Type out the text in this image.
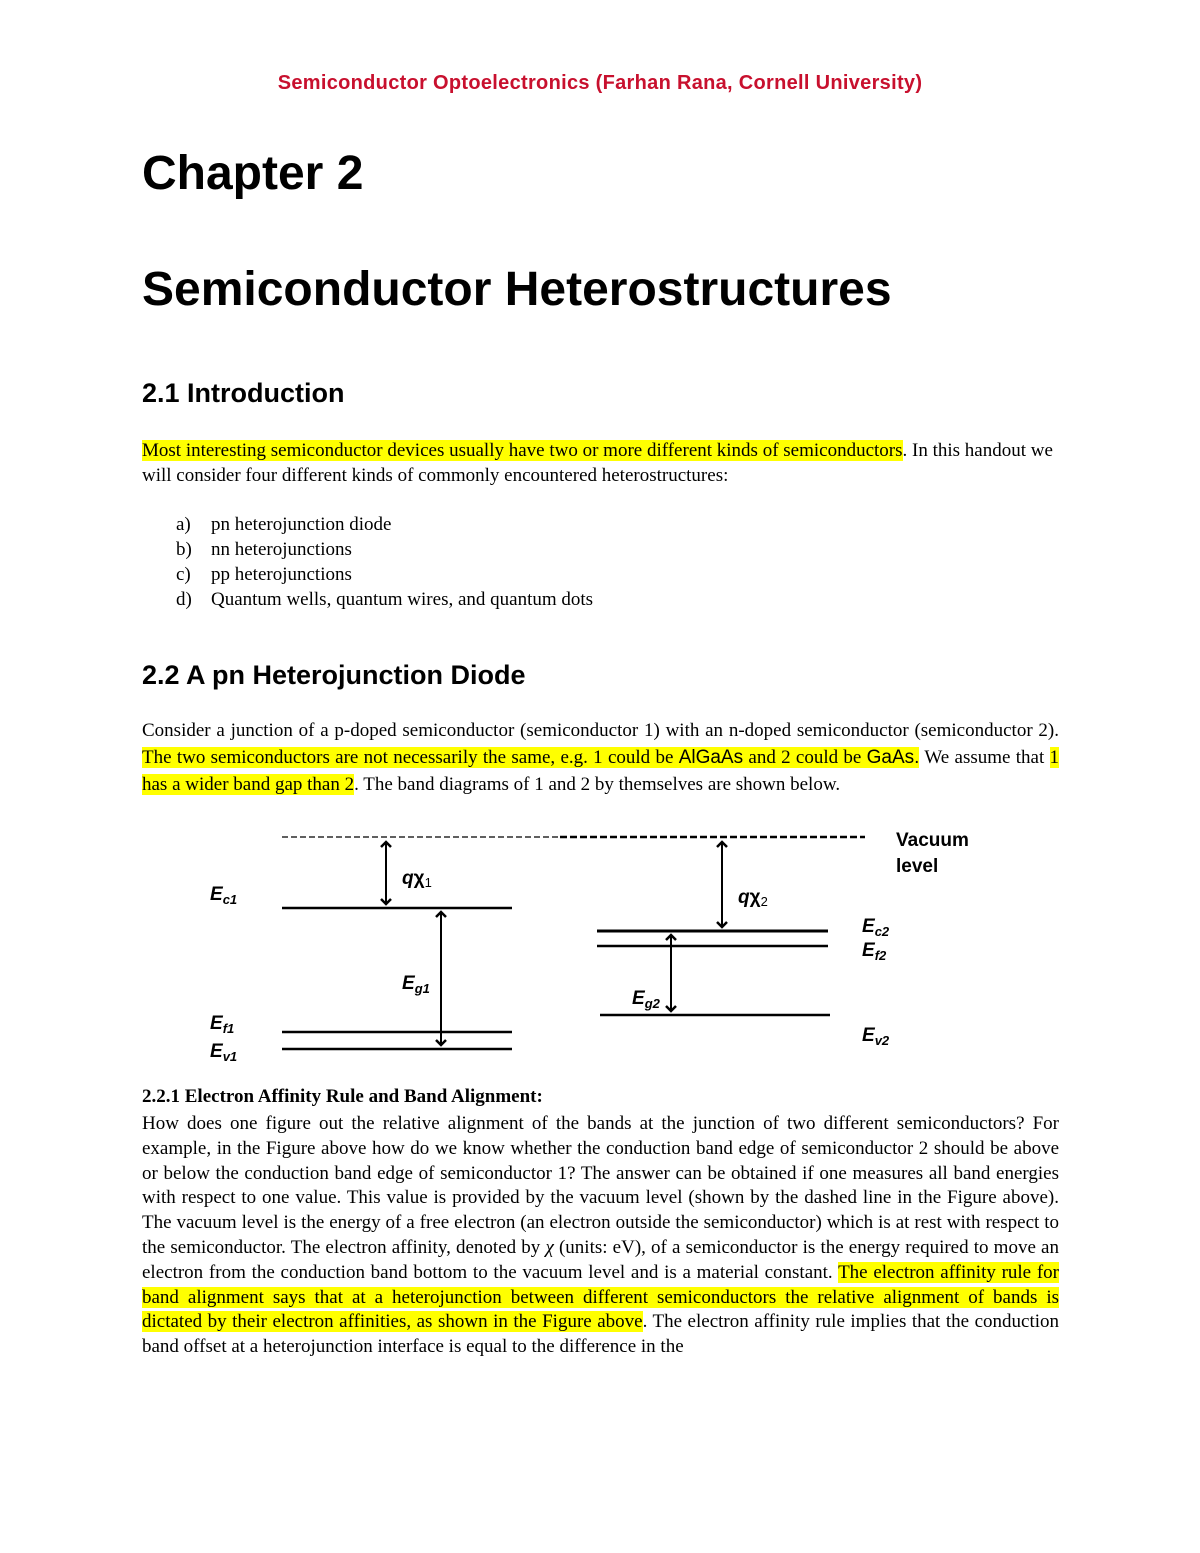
Semiconductor Optoelectronics (Farhan Rana, Cornell University)
Chapter 2
Semiconductor Heterostructures
2.1 Introduction

Most interesting semiconductor devices usually have two or more different kinds of semiconductors. In this handout we will consider four different kinds of commonly encountered heterostructures:

a)	pn heterojunction diode
b)	nn heterojunctions
c)	pp heterojunctions
d)	Quantum wells, quantum wires, and quantum dots
2.2 A pn Heterojunction Diode

Consider a junction of a p-doped semiconductor (semiconductor 1) with an n-doped semiconductor (semiconductor 2). The two semiconductors are not necessarily the same, e.g. 1 could be AlGaAs and 2 could be GaAs. We assume that 1 has a wider band gap than 2. The band diagrams of 1 and 2 by themselves are shown below.

Vacuum
level
$E_{c1}$
qχ1
$E_{g1}$
$E_{f1}$
$E_{v1}$
qχ2
$E_{c2}$
$E_{f2}$
$E_{g2}$
$E_{v2}$
2.2.1 Electron Affinity Rule and Band Alignment:

How does one figure out the relative alignment of the bands at the junction of two different semiconductors? For example, in the Figure above how do we know whether the conduction band edge of semiconductor 2 should be above or below the conduction band edge of semiconductor 1? The answer can be obtained if one measures all band energies with respect to one value. This value is provided by the vacuum level (shown by the dashed line in the Figure above). The vacuum level is the energy of a free electron (an electron outside the semiconductor) which is at rest with respect to the semiconductor. The electron affinity, denoted by χ (units: eV), of a semiconductor is the energy required to move an electron from the conduction band bottom to the vacuum level and is a material constant. The electron affinity rule for band alignment says that at a heterojunction between different semiconductors the relative alignment of bands is dictated by their electron affinities, as shown in the Figure above. The electron affinity rule implies that the conduction band offset at a heterojunction interface is equal to the difference in the
